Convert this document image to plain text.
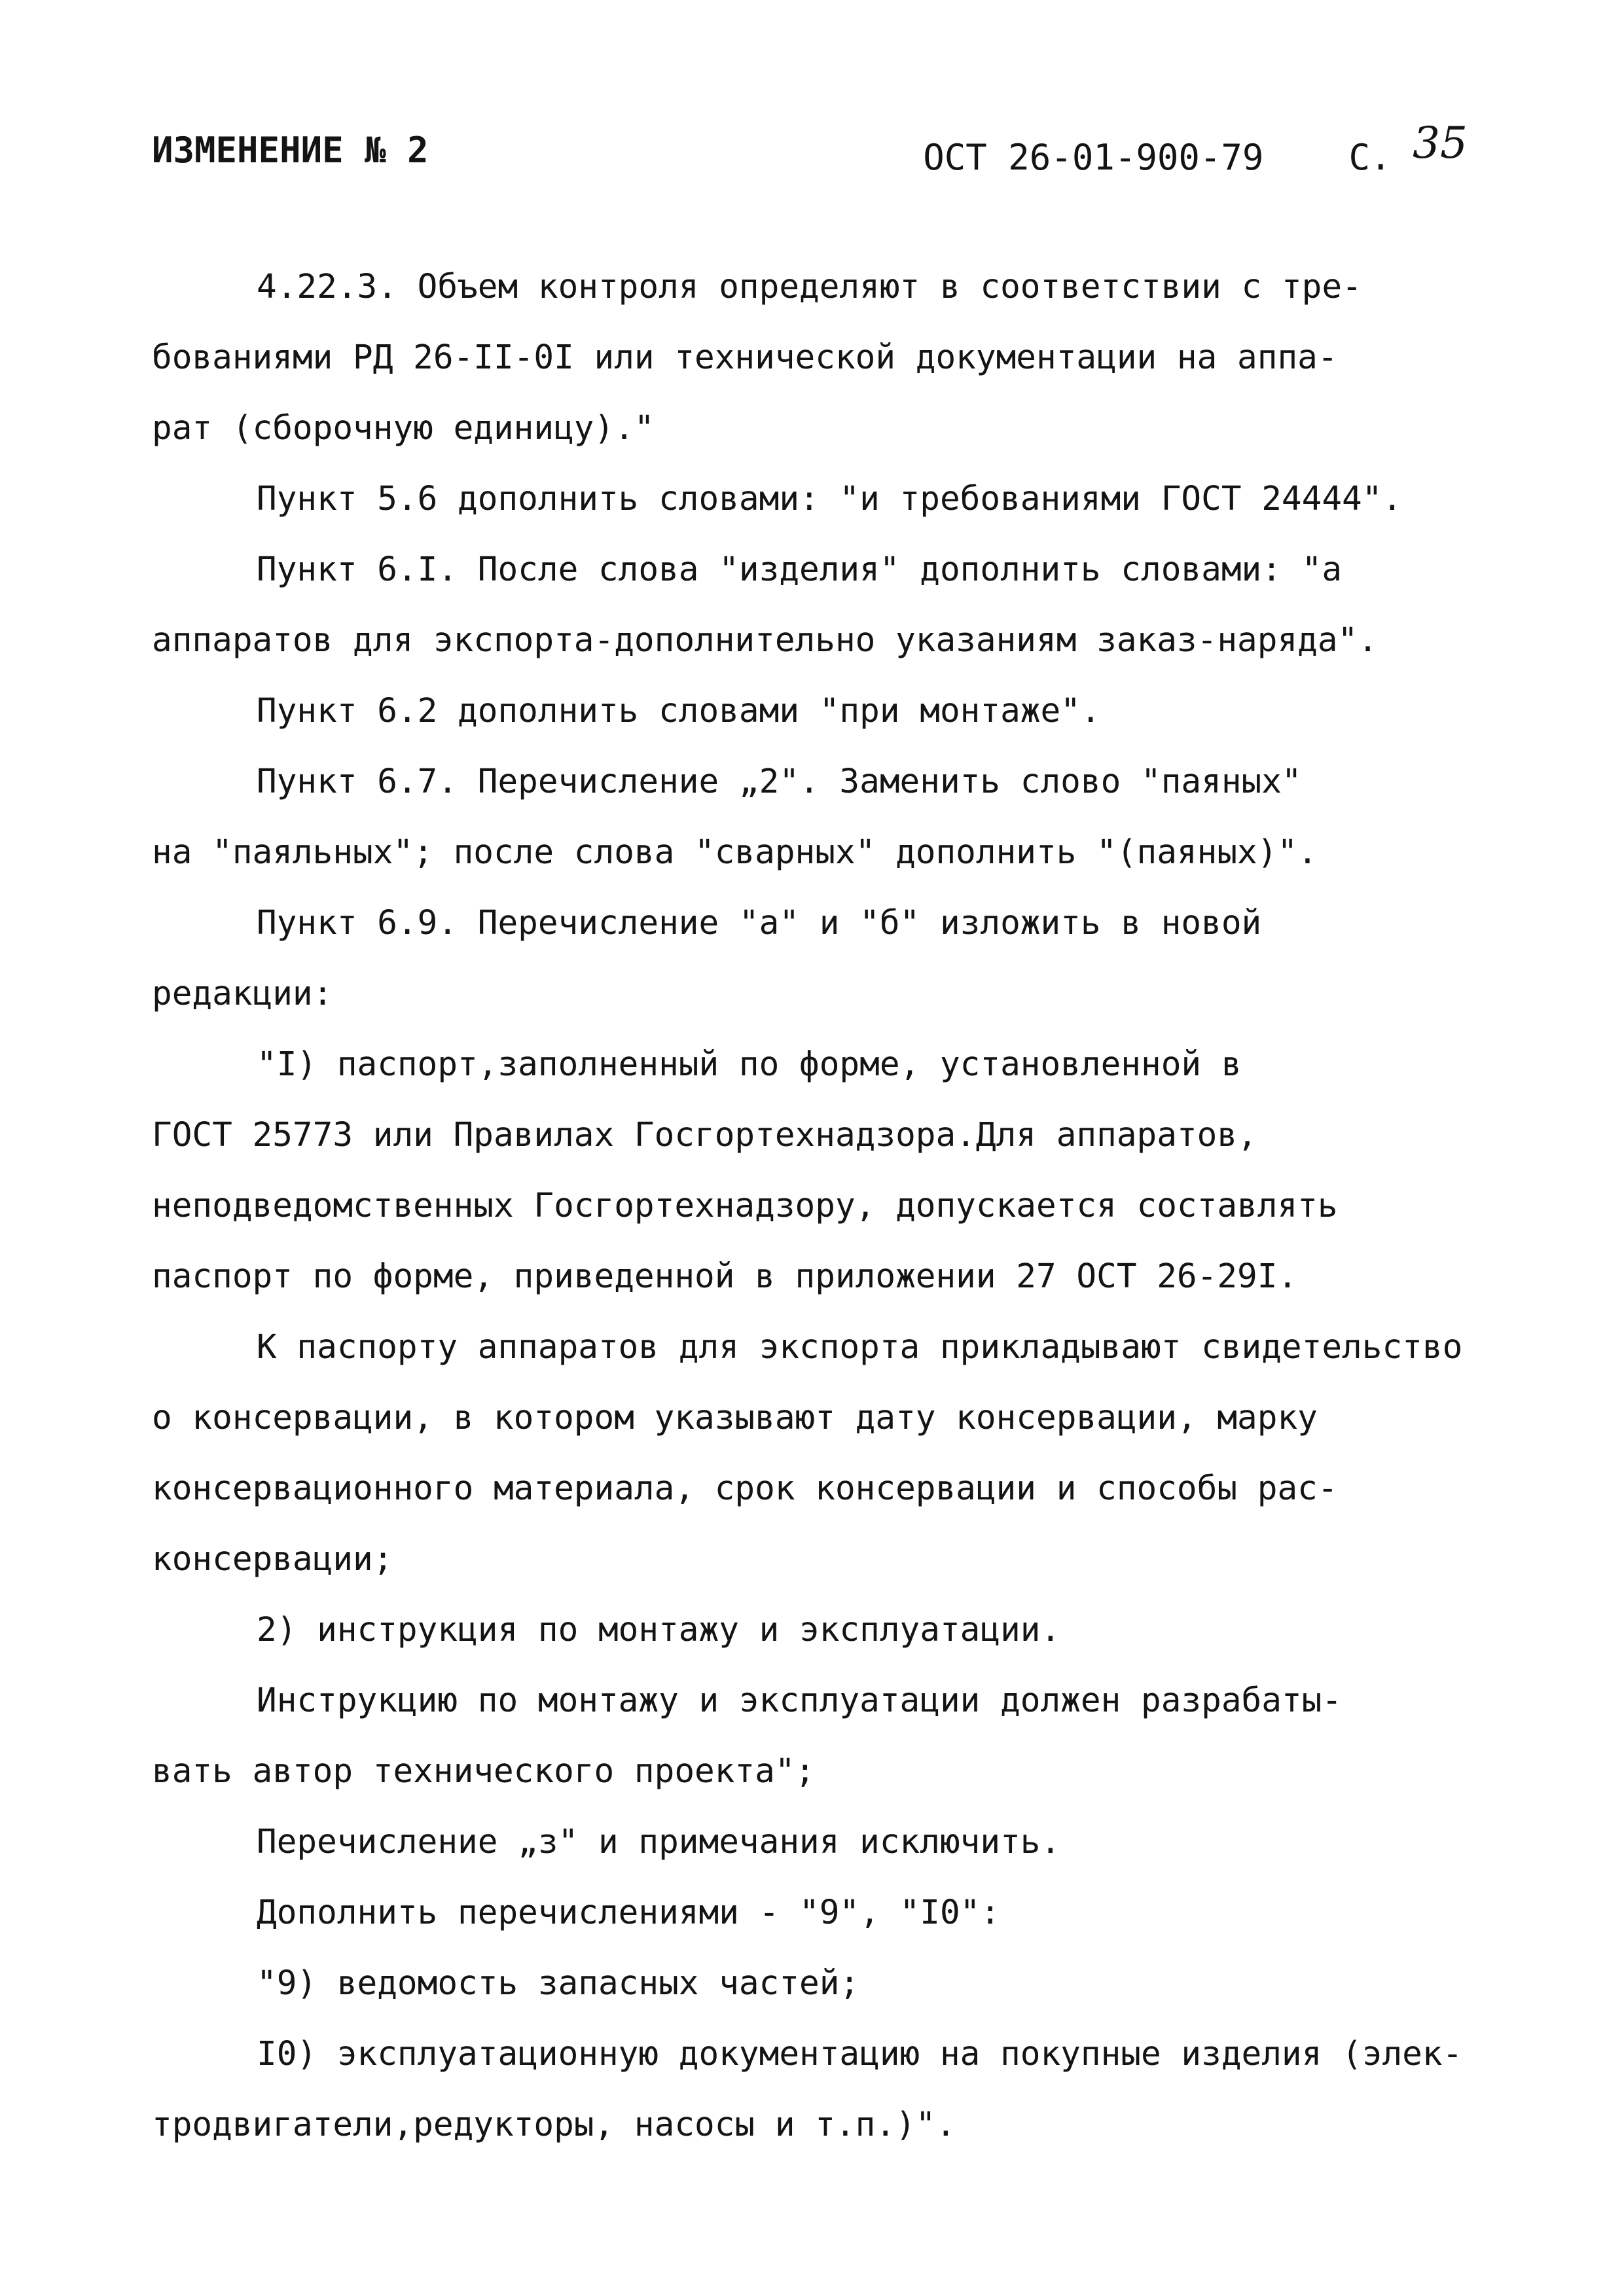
ИЗМЕНЕНИЕ № 2	ОСТ 26-01-900-79 С. 35
4.22.3. Объем контроля определяют в соответствии с тре-
бованиями РД 26-II-0I или технической документации на аппа-
рат (сборочную единицу)."
Пункт 5.6 дополнить словами: "и требованиями ГОСТ 24444".
Пункт 6.I. После слова "изделия" дополнить словами: "а
аппаратов для экспорта-дополнительно указаниям заказ-наряда".
Пункт 6.2 дополнить словами "при монтаже".
Пункт 6.7. Перечисление „2". Заменить слово "паяных"
на "паяльных"; после слова "сварных" дополнить "(паяных)".
Пункт 6.9. Перечисление "а" и "б" изложить в новой
редакции:
"I) паспорт,заполненный по форме, установленной в
ГОСТ 25773 или Правилах Госгортехнадзора.Для аппаратов,
неподведомственных Госгортехнадзору, допускается составлять
паспорт по форме, приведенной в приложении 27 ОСТ 26-29I.
К паспорту аппаратов для экспорта прикладывают свидетельство
о консервации, в котором указывают дату консервации, марку
консервационного материала, срок консервации и способы рас-
консервации;
2) инструкция по монтажу и эксплуатации.
Инструкцию по монтажу и эксплуатации должен разрабаты-
вать автор технического проекта";
Перечисление „з" и примечания исключить.
Дополнить перечислениями - "9", "I0":
"9) ведомость запасных частей;
I0) эксплуатационную документацию на покупные изделия (элек-
тродвигатели,редукторы, насосы и т.п.)".
